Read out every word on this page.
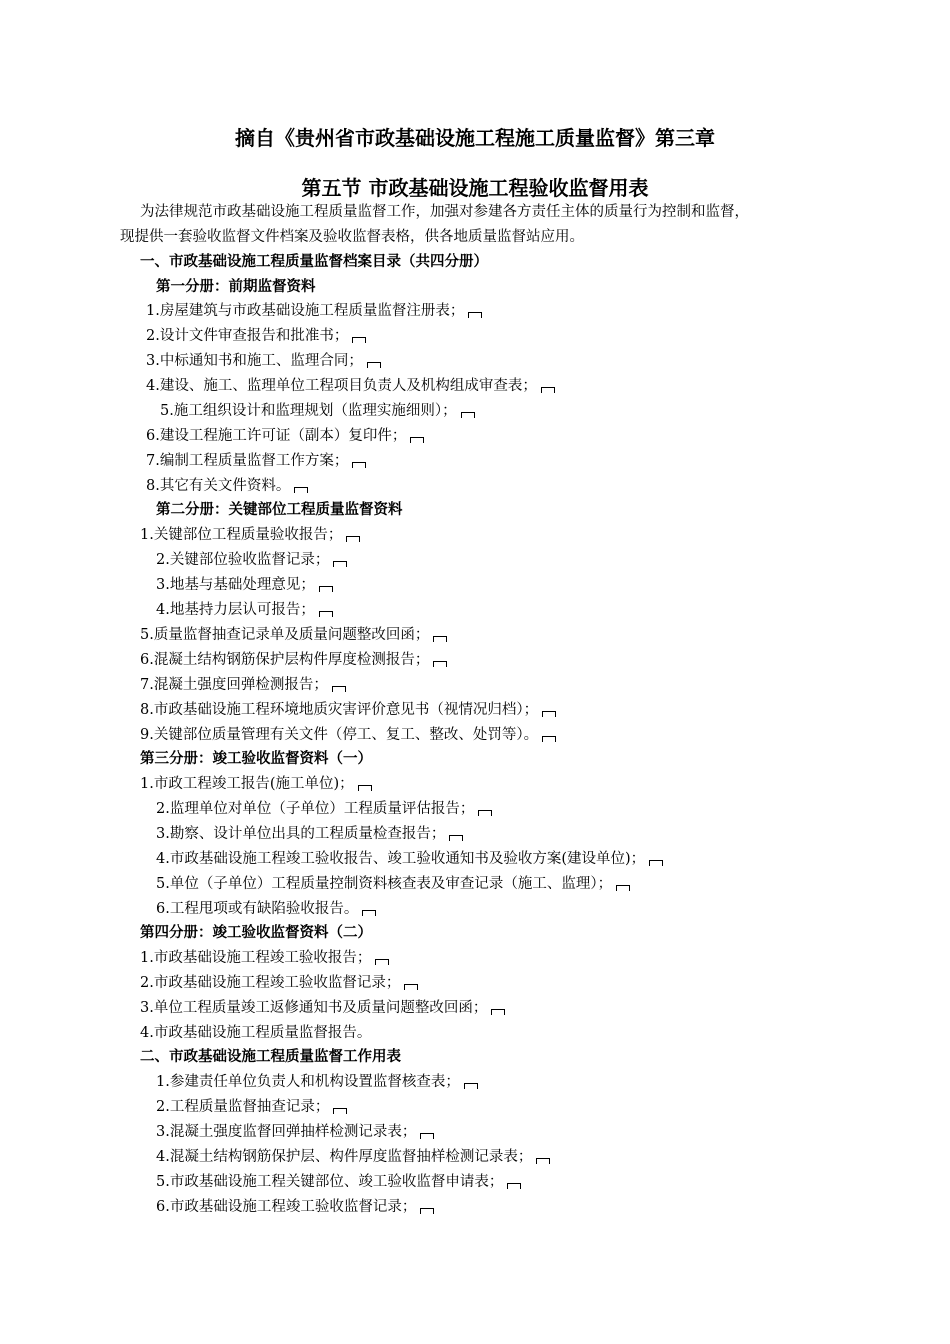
摘自《贵州省市政基础设施工程施工质量监督》第三章
第五节 市政基础设施工程验收监督用表
为法律规范市政基础设施工程质量监督工作，加强对参建各方责任主体的质量行为控制和监督，
现提供一套验收监督文件档案及验收监督表格，供各地质量监督站应用。
一、市政基础设施工程质量监督档案目录（共四分册）
第一分册：前期监督资料
1.房屋建筑与市政基础设施工程质量监督注册表；
2.设计文件审查报告和批准书；
3.中标通知书和施工、监理合同；
4.建设、施工、监理单位工程项目负责人及机构组成审查表；
5.施工组织设计和监理规划（监理实施细则）；
6.建设工程施工许可证（副本）复印件；
7.编制工程质量监督工作方案；
8.其它有关文件资料。
第二分册：关键部位工程质量监督资料
1.关键部位工程质量验收报告；
2.关键部位验收监督记录；
3.地基与基础处理意见；
4.地基持力层认可报告；
5.质量监督抽查记录单及质量问题整改回函；
6.混凝土结构钢筋保护层构件厚度检测报告；
7.混凝土强度回弹检测报告；
8.市政基础设施工程环境地质灾害评价意见书（视情况归档）；
9.关键部位质量管理有关文件（停工、复工、整改、处罚等）。
第三分册：竣工验收监督资料（一）
1.市政工程竣工报告(施工单位)；
2.监理单位对单位（子单位）工程质量评估报告；
3.勘察、设计单位出具的工程质量检查报告；
4.市政基础设施工程竣工验收报告、竣工验收通知书及验收方案(建设单位)；
5.单位（子单位）工程质量控制资料核查表及审查记录（施工、监理）；
6.工程甩项或有缺陷验收报告。
第四分册：竣工验收监督资料（二）
1.市政基础设施工程竣工验收报告；
2.市政基础设施工程竣工验收监督记录；
3.单位工程质量竣工返修通知书及质量问题整改回函；
4.市政基础设施工程质量监督报告。
二、市政基础设施工程质量监督工作用表
1.参建责任单位负责人和机构设置监督核查表；
2.工程质量监督抽查记录；
3.混凝土强度监督回弹抽样检测记录表；
4.混凝土结构钢筋保护层、构件厚度监督抽样检测记录表；
5.市政基础设施工程关键部位、竣工验收监督申请表；
6.市政基础设施工程竣工验收监督记录；
